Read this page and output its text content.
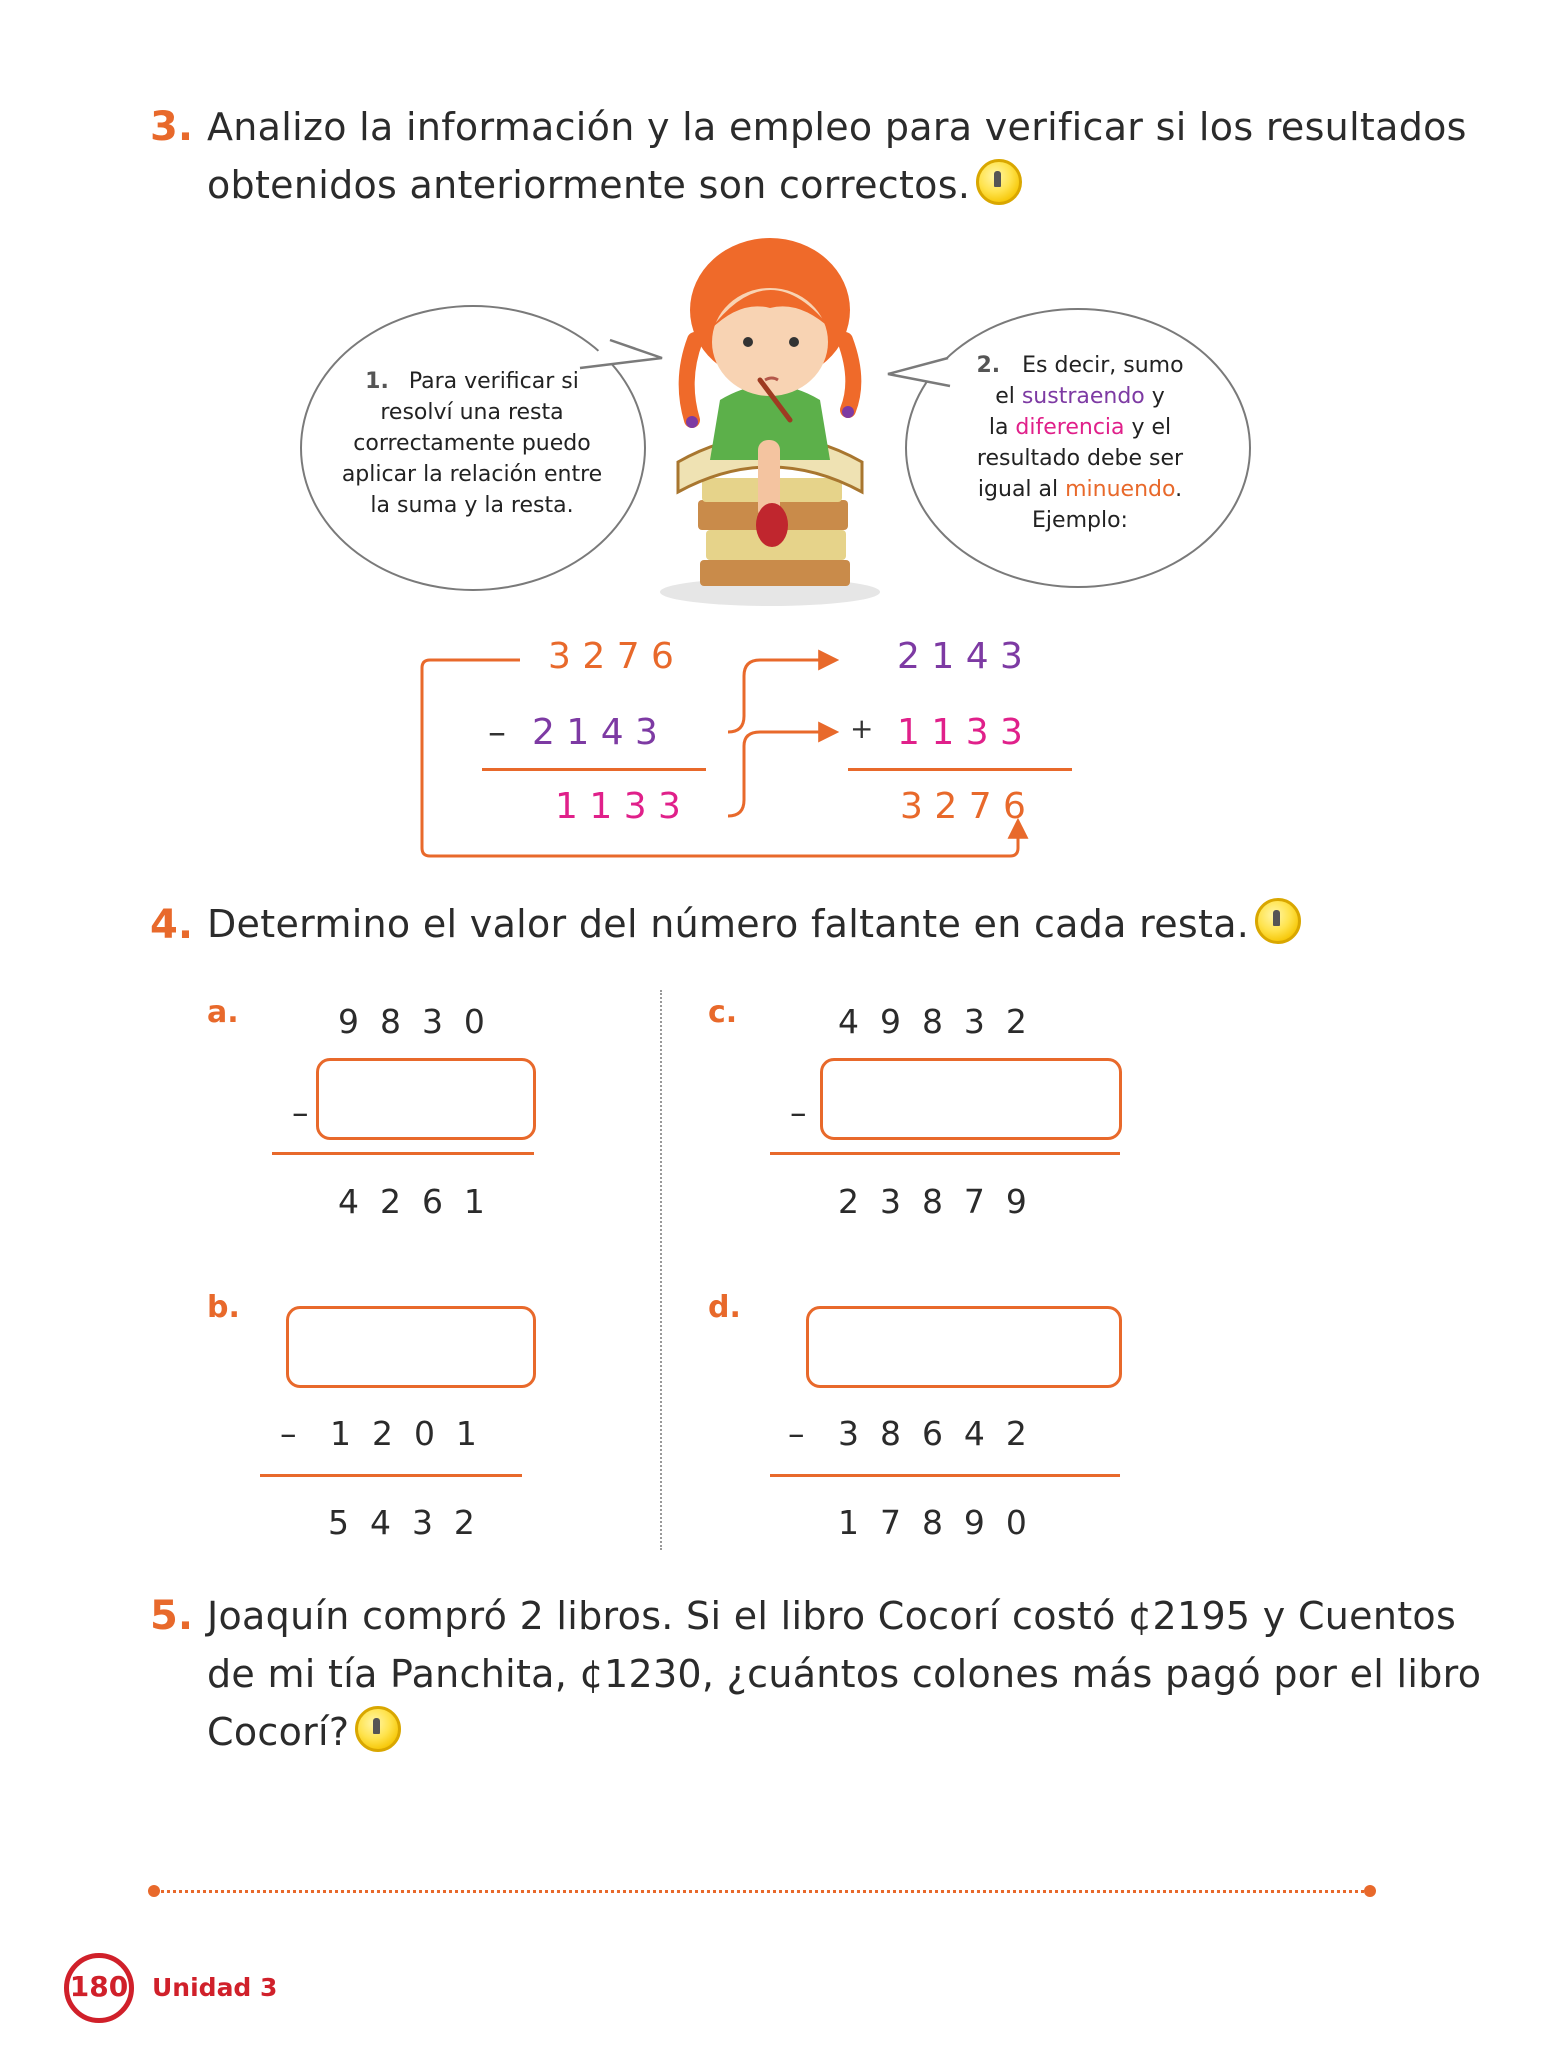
3. Analizo la información y la empleo para verificar si los resultados
obtenidos anteriormente son correctos.
1. Para verificar si
resolví una resta
correctamente puedo
aplicar la relación entre
la suma y la resta.
2. Es decir, sumo
el sustraendo y
la diferencia y el
resultado debe ser
igual al minuendo.
Ejemplo:
3 2 7 6
– 2 1 4 3
1 1 3 3
2 1 4 3
+ 1 1 3 3
3 2 7 6
4. Determino el valor del número faltante en cada resta.
a.	9  8  3  0
–
4  2  6  1
b.
– 1  2  0  1
5  4  3  2
c.	4  9  8  3  2
–
2  3  8  7  9
d.
– 3  8  6  4  2
1  7  8  9  0
5. Joaquín compró 2 libros. Si el libro Cocorí costó ¢2195 y Cuentos
de mi tía Panchita, ¢1230, ¿cuántos colones más pagó por el libro
Cocorí?
180 Unidad 3
